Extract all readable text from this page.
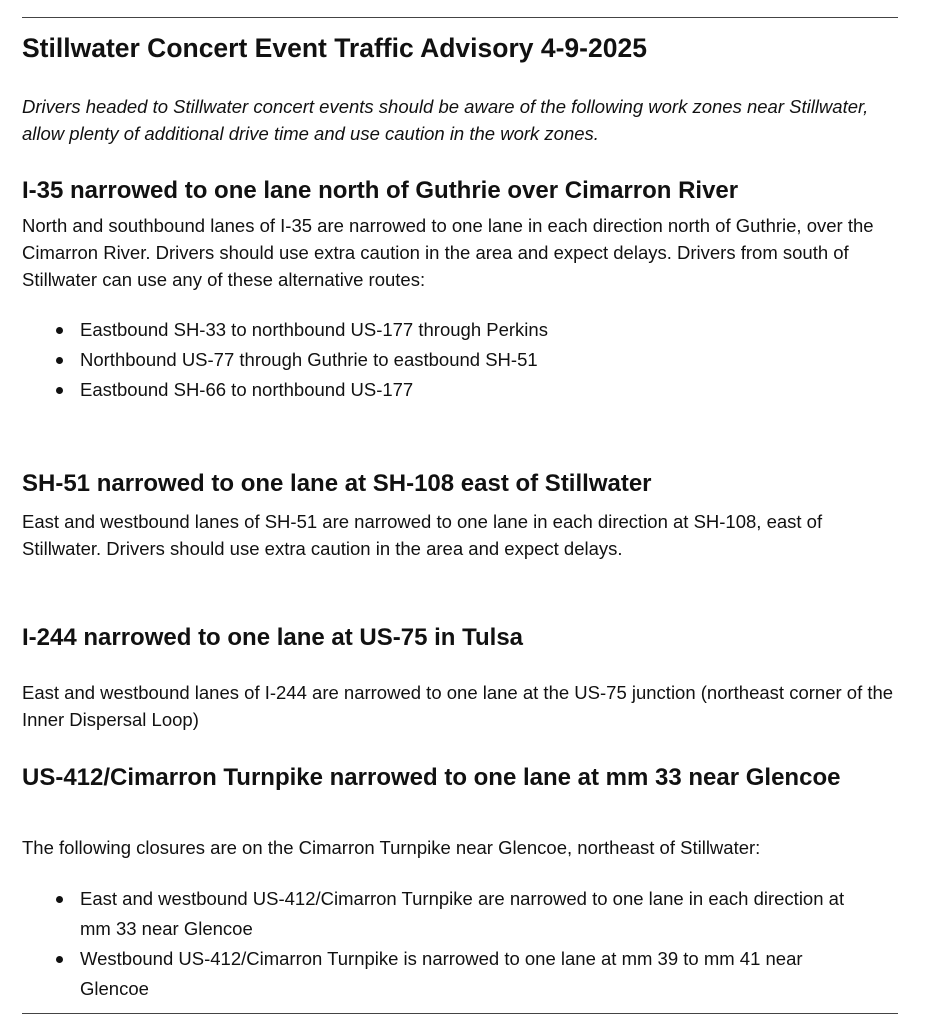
Stillwater Concert Event Traffic Advisory 4-9-2025

Drivers headed to Stillwater concert events should be aware of the following work zones near Stillwater, allow plenty of additional drive time and use caution in the work zones.

I-35 narrowed to one lane north of Guthrie over Cimarron River

North and southbound lanes of I-35 are narrowed to one lane in each direction north of Guthrie, over the Cimarron River. Drivers should use extra caution in the area and expect delays. Drivers from south of Stillwater can use any of these alternative routes:

Eastbound SH-33 to northbound US-177 through Perkins
Northbound US-77 through Guthrie to eastbound SH-51
Eastbound SH-66 to northbound US-177
SH-51 narrowed to one lane at SH-108 east of Stillwater

East and westbound lanes of SH-51 are narrowed to one lane in each direction at SH-108, east of Stillwater. Drivers should use extra caution in the area and expect delays.

I-244 narrowed to one lane at US-75 in Tulsa

East and westbound lanes of I-244 are narrowed to one lane at the US-75 junction (northeast corner of the Inner Dispersal Loop)

US-412/Cimarron Turnpike narrowed to one lane at mm 33 near Glencoe

The following closures are on the Cimarron Turnpike near Glencoe, northeast of Stillwater:

East and westbound US-412/Cimarron Turnpike are narrowed to one lane in each direction at mm 33 near Glencoe
Westbound US-412/Cimarron Turnpike is narrowed to one lane at mm 39 to mm 41 near Glencoe
